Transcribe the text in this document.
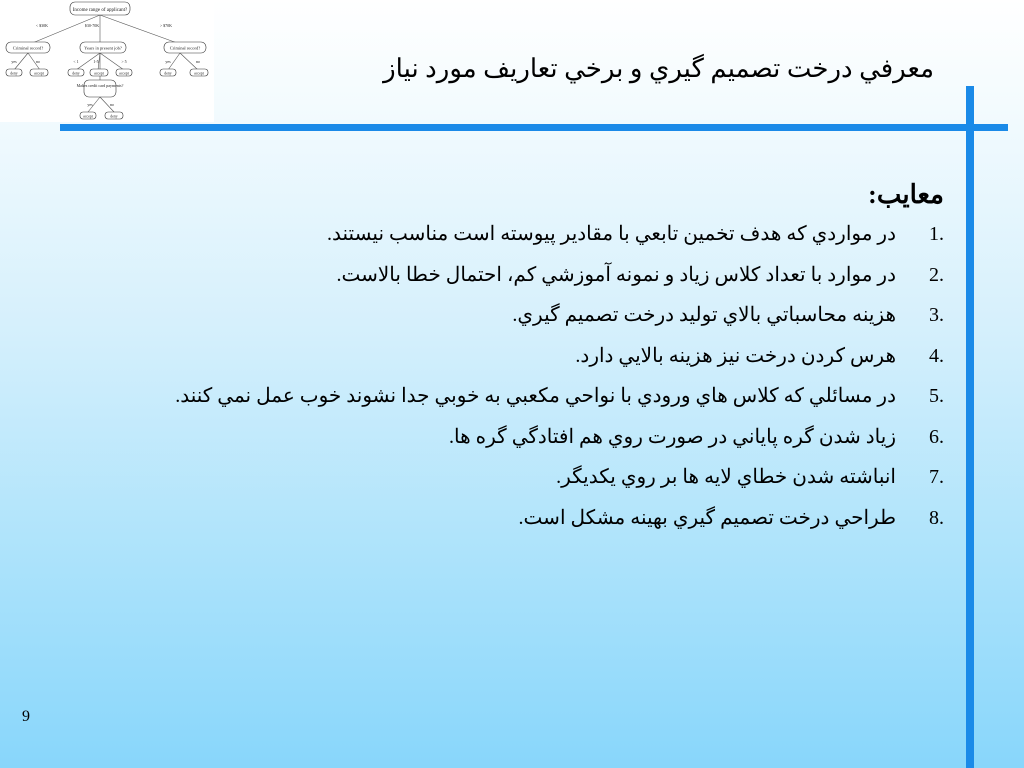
Income range of applicant?
< $30K	$30-70K	> $70K
Criminal record?	Years in present job?	Criminal record?
yes	no	< 1	1-5	> 5	yes	no
deny	accept	deny	accept	accept	deny	accept
Makes credit card payments?
yes	no
accept	deny
معرفي درخت تصميم گيري و برخي تعاريف مورد نياز
معايب:
.1
در مواردي كه هدف تخمين تابعي با مقادير پيوسته است مناسب نيستند.
.2
در موارد با تعداد كلاس زياد و نمونه آموزشي كم، احتمال خطا بالاست.
.3
هزينه محاسباتي بالاي توليد درخت تصميم گيري.
.4
هرس كردن درخت نيز هزينه بالايي دارد.
.5
در مسائلي كه كلاس هاي ورودي با نواحي مكعبي به خوبي جدا نشوند خوب عمل نمي كنند.
.6
زياد شدن گره پاياني در صورت روي هم افتادگي گره ها.
.7
انباشته شدن خطاي لايه ها بر روي يكديگر.
.8
طراحي درخت تصميم گيري بهينه مشكل است.
9
